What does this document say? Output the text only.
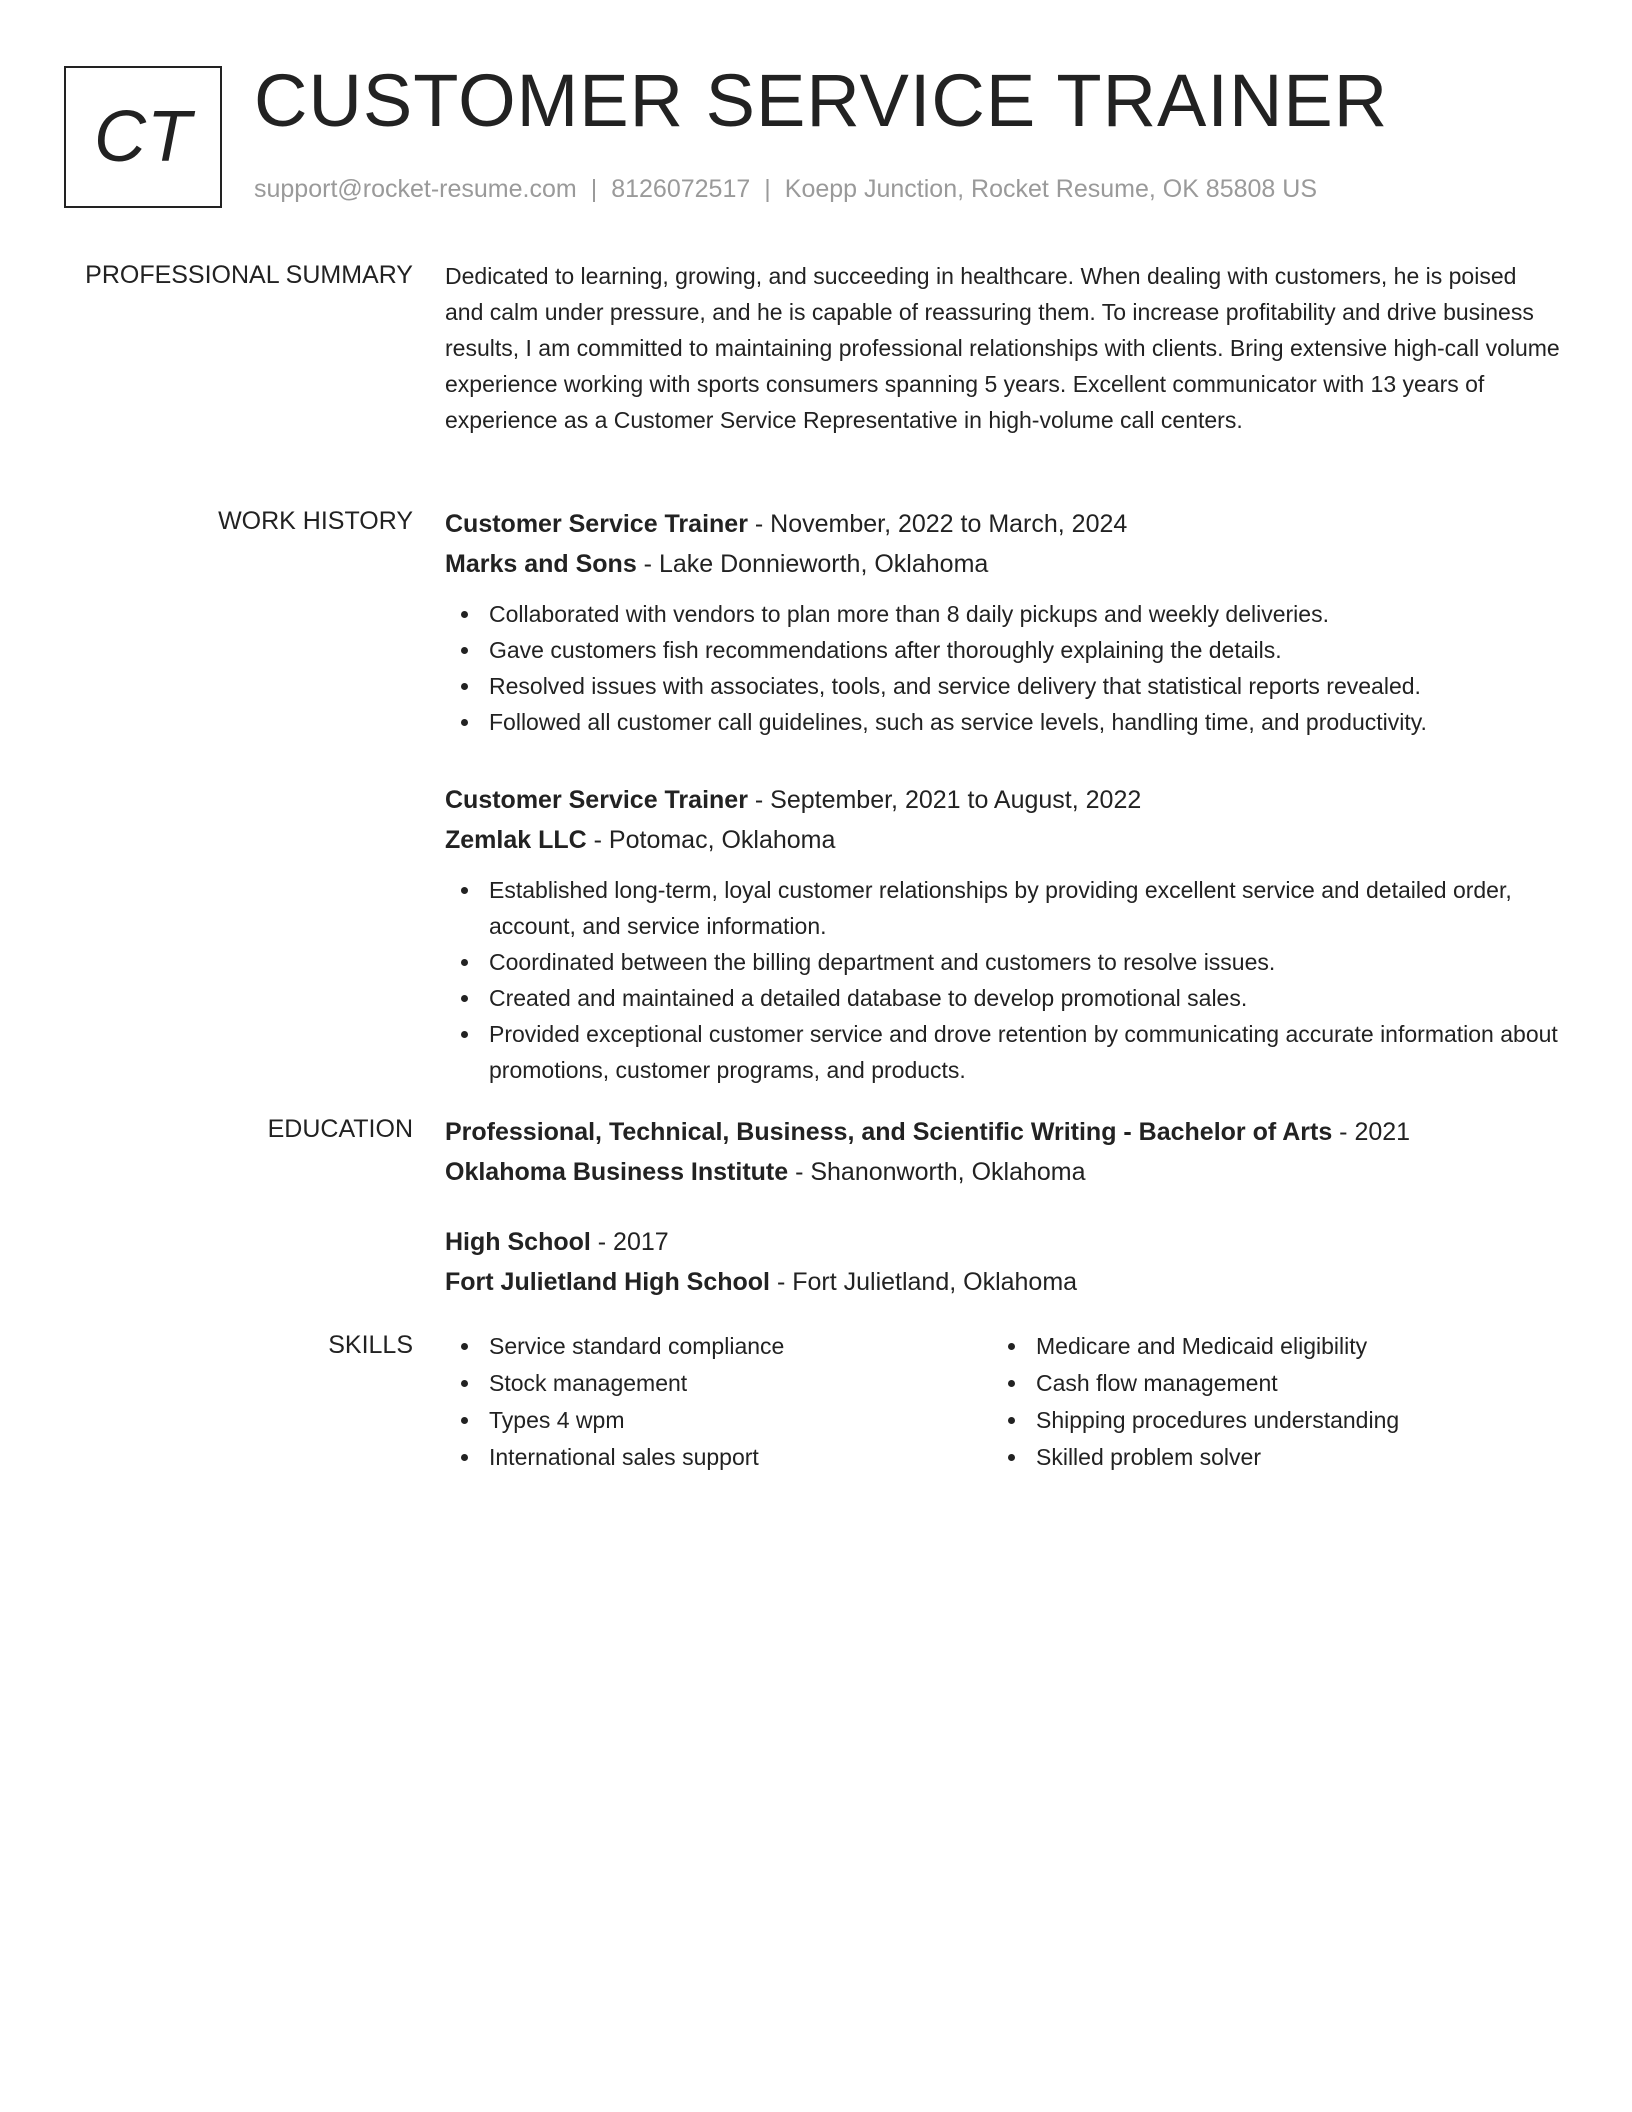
CT CUSTOMER SERVICE TRAINER
support@rocket-resume.com | 8126072517 | Koepp Junction, Rocket Resume, OK 85808 US
PROFESSIONAL SUMMARY Dedicated to learning, growing, and succeeding in healthcare. When dealing with customers, he is poised and calm under pressure, and he is capable of reassuring them. To increase profitability and drive business results, I am committed to maintaining professional relationships with clients. Bring extensive high-call volume experience working with sports consumers spanning 5 years. Excellent communicator with 13 years of experience as a Customer Service Representative in high-volume call centers.
WORK HISTORY Customer Service Trainer - November, 2022 to March, 2024
Marks and Sons - Lake Donnieworth, Oklahoma
Collaborated with vendors to plan more than 8 daily pickups and weekly deliveries.
Gave customers fish recommendations after thoroughly explaining the details.
Resolved issues with associates, tools, and service delivery that statistical reports revealed.
Followed all customer call guidelines, such as service levels, handling time, and productivity.
Customer Service Trainer - September, 2021 to August, 2022
Zemlak LLC - Potomac, Oklahoma
Established long-term, loyal customer relationships by providing excellent service and detailed order, account, and service information.
Coordinated between the billing department and customers to resolve issues.
Created and maintained a detailed database to develop promotional sales.
Provided exceptional customer service and drove retention by communicating accurate information about promotions, customer programs, and products.
EDUCATION Professional, Technical, Business, and Scientific Writing - Bachelor of Arts - 2021
Oklahoma Business Institute - Shanonworth, Oklahoma
High School - 2017
Fort Julietland High School - Fort Julietland, Oklahoma
SKILLS	Service standard compliance
Stock management
Types 4 wpm
International sales support
Medicare and Medicaid eligibility
Cash flow management
Shipping procedures understanding
Skilled problem solver
